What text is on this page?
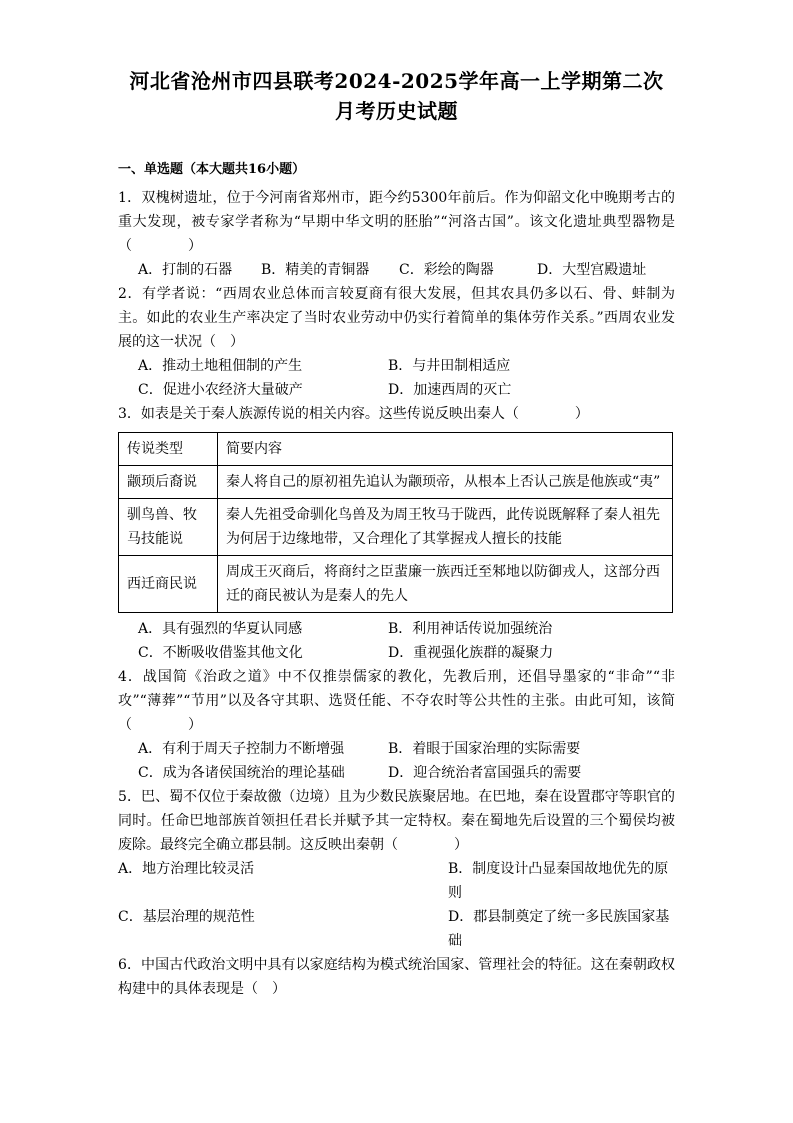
河北省沧州市四县联考2024-2025学年高一上学期第二次
月考历史试题
一、单选题（本大题共16小题）

1．双槐树遗址，位于今河南省郑州市，距今约5300年前后。作为仰韶文化中晚期考古的重大发现，被专家学者称为“早期中华文明的胚胎”“河洛古国”。该文化遗址典型器物是（　　　　）

A．打制的石器	B．精美的青铜器	C．彩绘的陶器	D．大型宫殿遗址

2．有学者说：“西周农业总体而言较夏商有很大发展，但其农具仍多以石、骨、蚌制为主。如此的农业生产率决定了当时农业劳动中仍实行着简单的集体劳作关系。”西周农业发展的这一状况（　）

A．推动土地租佃制的产生	B．与井田制相适应
C．促进小农经济大量破产	D．加速西周的灭亡

3．如表是关于秦人族源传说的相关内容。这些传说反映出秦人（　　　　）

传说类型	简要内容
颛顼后裔说	秦人将自己的原初祖先追认为颛顼帝，从根本上否认己族是他族或“夷”
驯鸟兽、牧马技能说	秦人先祖受命驯化鸟兽及为周王牧马于陇西，此传说既解释了秦人祖先为何居于边缘地带，又合理化了其掌握戎人擅长的技能
西迁商民说	周成王灭商后，将商纣之臣蜚廉一族西迁至邾地以防御戎人，这部分西迁的商民被认为是秦人的先人
A．具有强烈的华夏认同感	B．利用神话传说加强统治
C．不断吸收借鉴其他文化	D．重视强化族群的凝聚力

4．战国简《治政之道》中不仅推崇儒家的教化，先教后刑，还倡导墨家的“非命”“非攻”“薄葬”“节用”以及各守其职、选贤任能、不夺农时等公共性的主张。由此可知，该简（　　　　）

A．有利于周天子控制力不断增强	B．着眼于国家治理的实际需要
C．成为各诸侯国统治的理论基础	D．迎合统治者富国强兵的需要

5．巴、蜀不仅位于秦故徼（边境）且为少数民族聚居地。在巴地，秦在设置郡守等职官的同时。任命巴地部族首领担任君长并赋予其一定特权。秦在蜀地先后设置的三个蜀侯均被废除。最终完全确立郡县制。这反映出秦朝（　　　　）

A．地方治理比较灵活	B．制度设计凸显秦国故地优先的原则
C．基层治理的规范性	D．郡县制奠定了统一多民族国家基础

6．中国古代政治文明中具有以家庭结构为模式统治国家、管理社会的特征。这在秦朝政权构建中的具体表现是（　）
